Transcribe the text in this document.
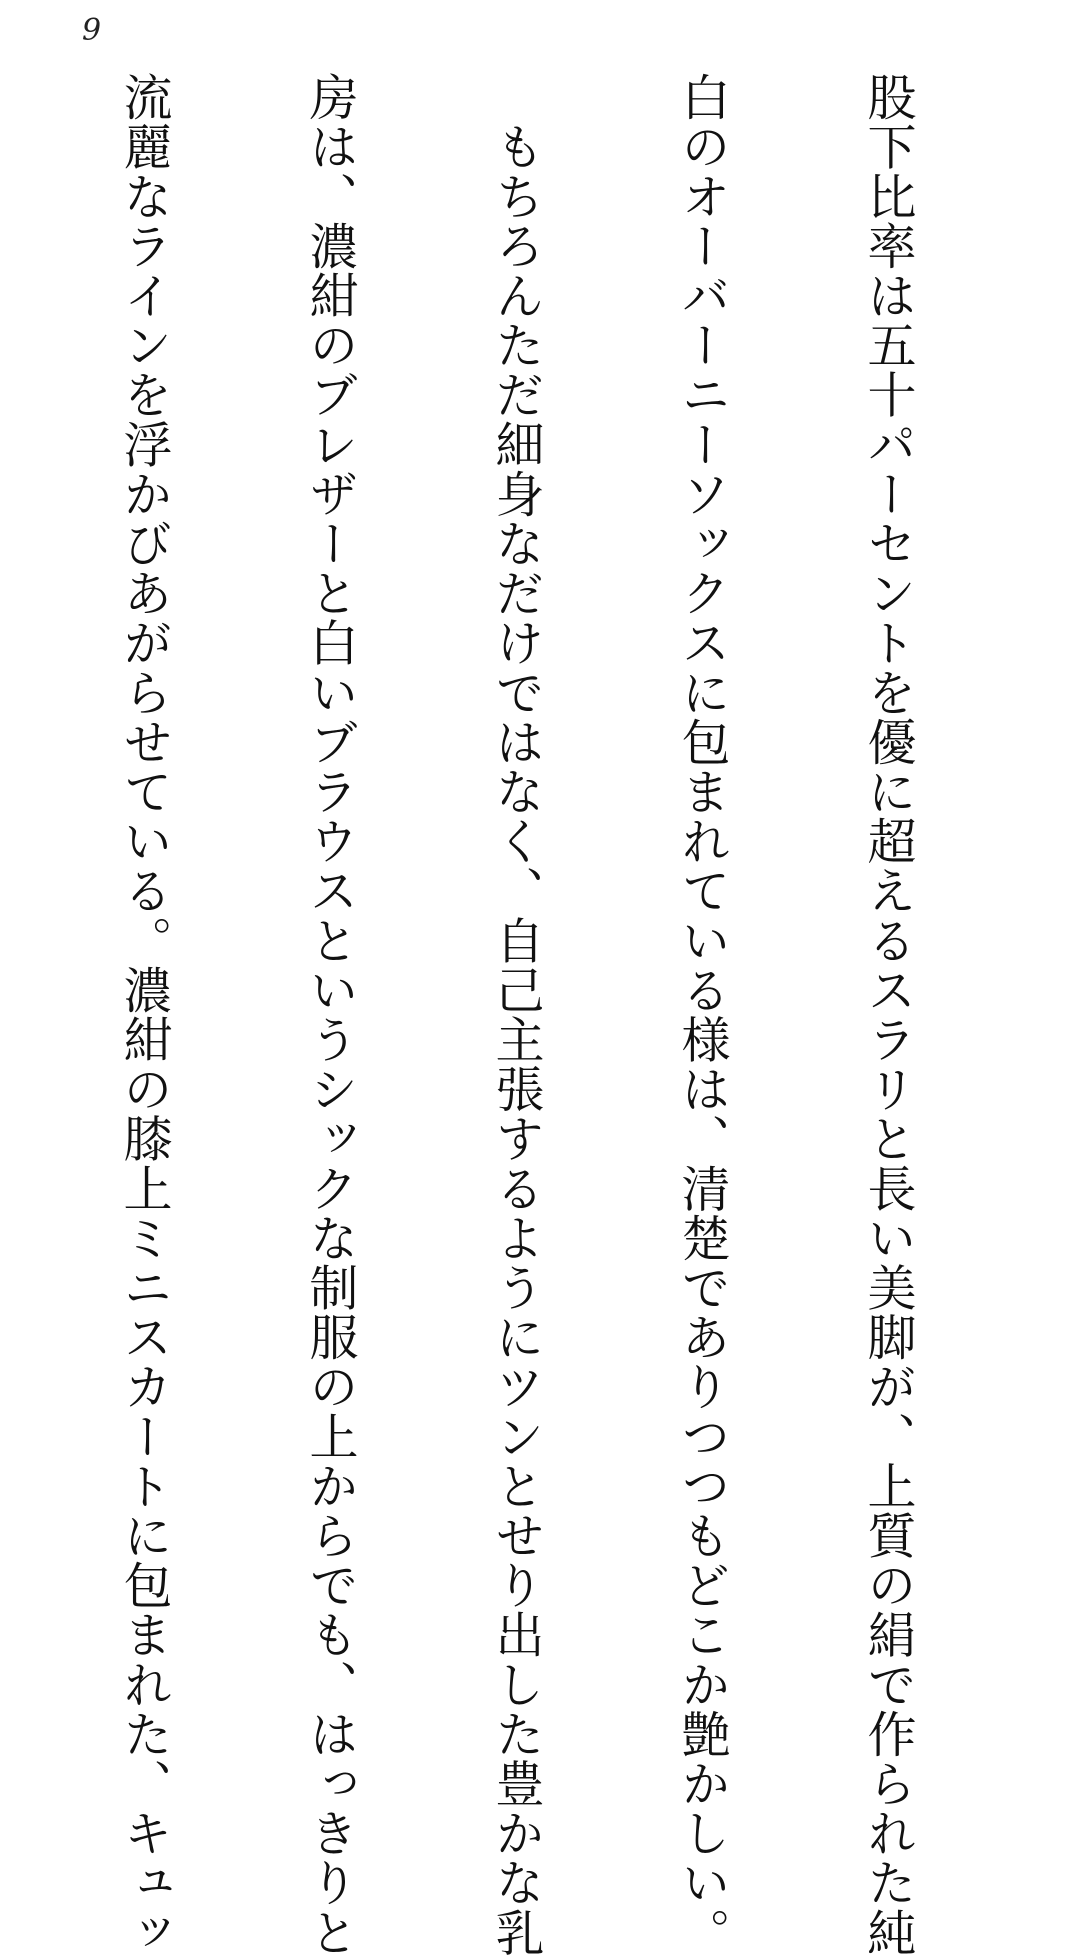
9

股下比率は五十パーセントを優に超えるスラリと長い美脚が、上質の絹で作られた純

白のオーバーニーソックスに包まれている様は、清楚でありつつもどこか艶かしい。

　もちろんただ細身なだけではなく、自己主張するようにツンとせり出した豊かな乳

房は、濃紺のブレザーと白いブラウスというシックな制服の上からでも、はっきりと

流麗なラインを浮かびあがらせている。濃紺の膝上ミニスカートに包まれた、キュッ
